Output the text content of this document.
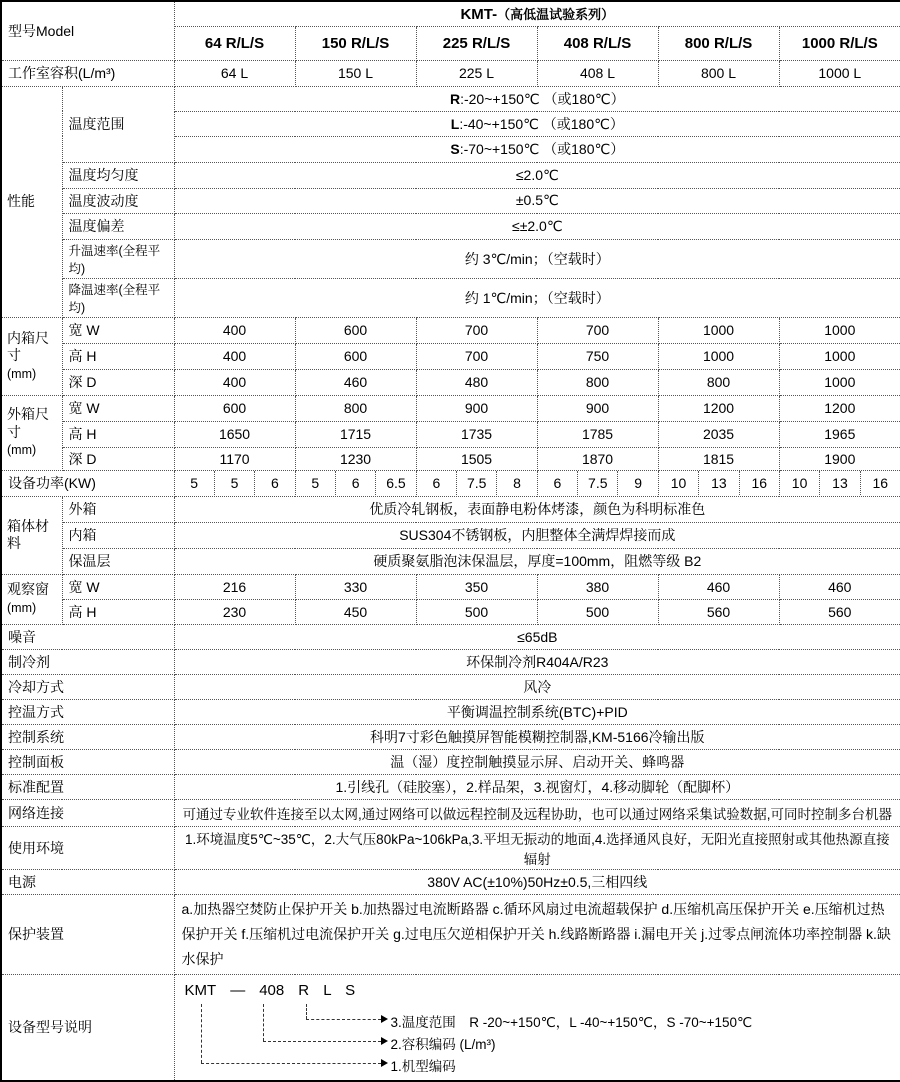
型号Model		KMT-（高低温试验系列）					
		64 R/L/S	150 R/L/S	225 R/L/S	408 R/L/S	800 R/L/S	1000 R/L/S
工作室容积(L/m³)		64 L	150 L	225 L	408 L	800 L	1000 L
性能	温度范围	R:-20~+150℃ （或180℃）					
		L:-40~+150℃ （或180℃）					
		S:-70~+150℃ （或180℃）					
	温度均匀度	≤2.0℃					
	温度波动度	±0.5℃					
	温度偏差	≤±2.0℃					
	升温速率(全程平均)	约 3℃/min；（空载时）					
	降温速率(全程平均)	约 1℃/min；（空载时）					
内箱尺寸
(mm)	宽 W	400	600	700	700	1000	1000
	高 H	400	600	700	750	1000	1000
	深 D	400	460	480	800	800	1000
外箱尺寸
(mm)	宽 W	600	800	900	900	1200	1200
	高 H	1650	1715	1735	1785	2035	1965
	深 D	1170	1230	1505	1870	1815	1900
设备功率(KW)	5	5	6	5	6	6.5	6	7.5	8	6	7.5	9	10	13	16	10	13	16

箱体材料	外箱	优质冷轧钢板，表面静电粉体烤漆，颜色为科明标准色					
	内箱	SUS304不锈钢板，内胆整体全满焊焊接而成					
	保温层	硬质聚氨脂泡沫保温层，厚度=100mm，阻燃等级 B2					
观察窗
(mm)	宽 W	216	330	350	380	460	460
	高 H	230	450	500	500	560	560
噪音		≤65dB					
制冷剂		环保制冷剂R404A/R23					
冷却方式		风冷					
控温方式		平衡调温控制系统(BTC)+PID					
控制系统		科明7寸彩色触摸屏智能模糊控制器,KM-5166冷输出版					
控制面板		温（湿）度控制触摸显示屏、启动开关、蜂鸣器					
标准配置		1.引线孔（硅胶塞），2.样品架，3.视窗灯，4.移动脚轮（配脚杯）					
网络连接		可通过专业软件连接至以太网,通过网络可以做远程控制及远程协助，也可以通过网络采集试验数据,可同时控制多台机器					
使用环境		1.环境温度5℃~35℃，2.大气压80kPa~106kPa,3.平坦无振动的地面,4.选择通风良好，无阳光直接照射或其他热源直接辐射					
电源		380V AC(±10%)50Hz±0.5,三相四线					
保护装置		a.加热器空焚防止保护开关 b.加热器过电流断路器 c.循环风扇过电流超载保护 d.压缩机高压保护开关 e.压缩机过热保护开关 f.压缩机过电流保护开关 g.过电压欠逆相保护开关 h.线路断路器 i.漏电开关 j.过零点闸流体功率控制器 k.缺水保护					
设备型号说明		KMT — 408 R L S
3.温度范围　R -20~+150℃，L -40~+150℃，S -70~+150℃
2.容积编码 (L/m³)
1.机型编码					
